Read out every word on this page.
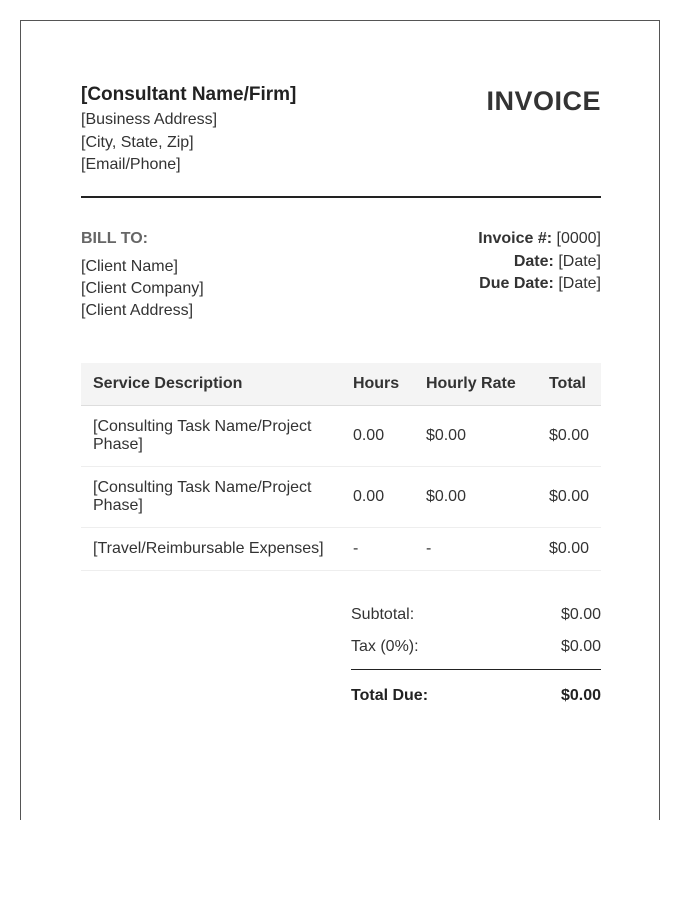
[Consultant Name/Firm]
[Business Address]
[City, State, Zip]
[Email/Phone]
INVOICE
BILL TO:
[Client Name]
[Client Company]
[Client Address]
Invoice #: [0000]
Date: [Date]
Due Date: [Date]
Service Description	Hours	Hourly Rate	Total
[Consulting Task Name/Project Phase]	0.00	$0.00	$0.00
[Consulting Task Name/Project Phase]	0.00	$0.00	$0.00
[Travel/Reimbursable Expenses]	-	-	$0.00
Subtotal:	$0.00
Tax (0%):	$0.00
Total Due:	$0.00
